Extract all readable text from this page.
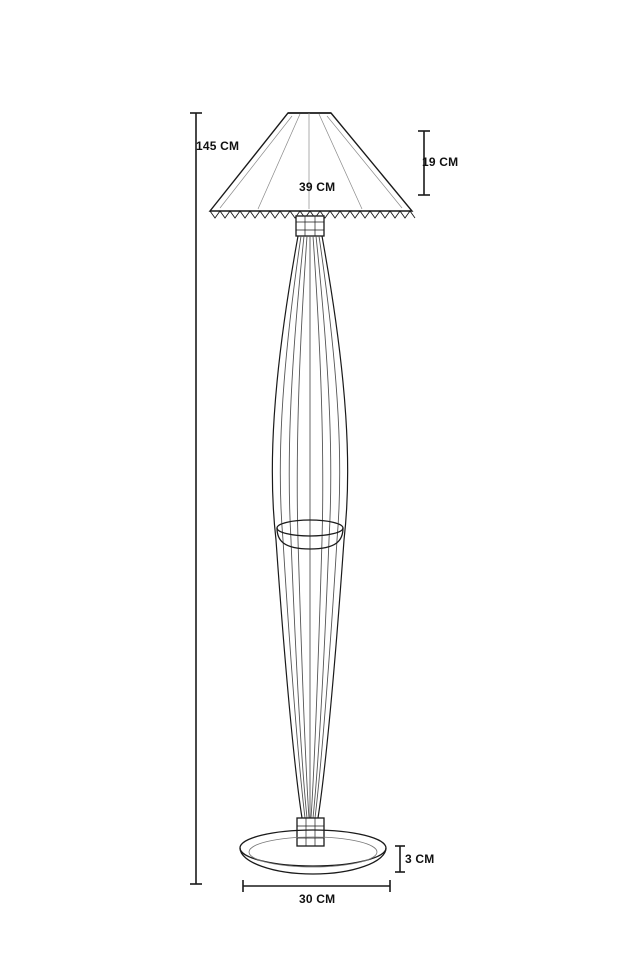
145 CM
19 CM
39 CM
3 CM
30 CM
